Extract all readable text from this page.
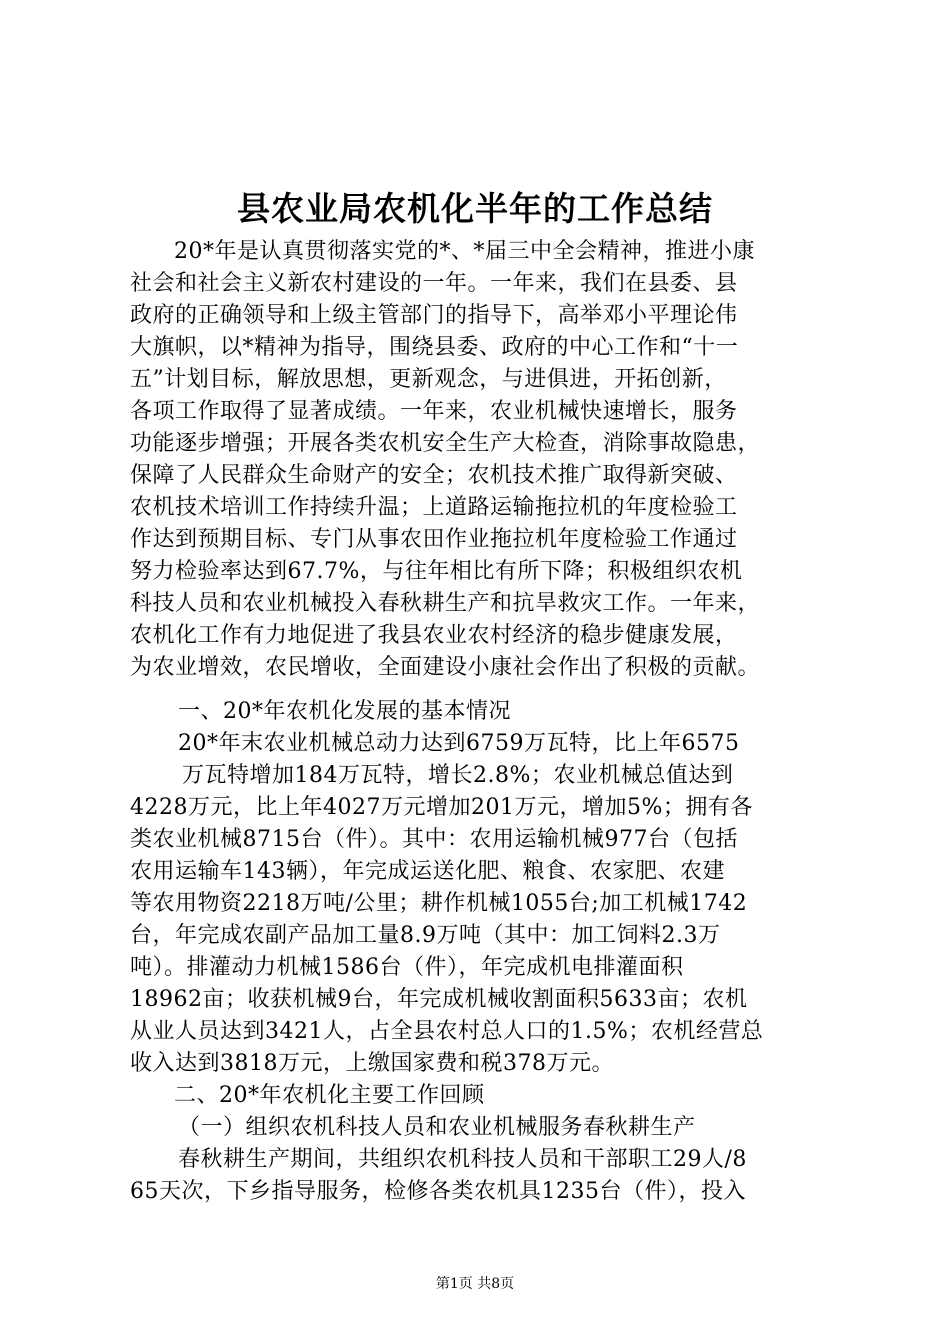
县农业局农机化半年的工作总结
20*年是认真贯彻落实党的*、*届三中全会精神，推进小康
社会和社会主义新农村建设的一年。一年来，我们在县委、县
政府的正确领导和上级主管部门的指导下，高举邓小平理论伟
大旗帜，以*精神为指导，围绕县委、政府的中心工作和“十一
五”计划目标，解放思想，更新观念，与进俱进，开拓创新，
各项工作取得了显著成绩。一年来，农业机械快速增长，服务
功能逐步增强；开展各类农机安全生产大检查，消除事故隐患，
保障了人民群众生命财产的安全；农机技术推广取得新突破、
农机技术培训工作持续升温；上道路运输拖拉机的年度检验工
作达到预期目标、专门从事农田作业拖拉机年度检验工作通过
努力检验率达到67.7%，与往年相比有所下降；积极组织农机
科技人员和农业机械投入春秋耕生产和抗旱救灾工作。一年来，
农机化工作有力地促进了我县农业农村经济的稳步健康发展，
为农业增效，农民增收，全面建设小康社会作出了积极的贡献。
一、20*年农机化发展的基本情况
20*年末农业机械总动力达到6759万瓦特，比上年6575
万瓦特增加184万瓦特，增长2.8%；农业机械总值达到
4228万元，比上年4027万元增加201万元，增加5%；拥有各
类农业机械8715台（件）。其中：农用运输机械977台（包括
农用运输车143辆），年完成运送化肥、粮食、农家肥、农建
等农用物资2218万吨/公里；耕作机械1055台;加工机械1742
台，年完成农副产品加工量8.9万吨（其中：加工饲料2.3万
吨）。排灌动力机械1586台（件），年完成机电排灌面积
18962亩；收获机械9台，年完成机械收割面积5633亩；农机
从业人员达到3421人，占全县农村总人口的1.5%；农机经营总
收入达到3818万元，上缴国家费和税378万元。
二、20*年农机化主要工作回顾
（一）组织农机科技人员和农业机械服务春秋耕生产
春秋耕生产期间，共组织农机科技人员和干部职工29人/8
65天次，下乡指导服务，检修各类农机具1235台（件），投入
第1页 共8页
